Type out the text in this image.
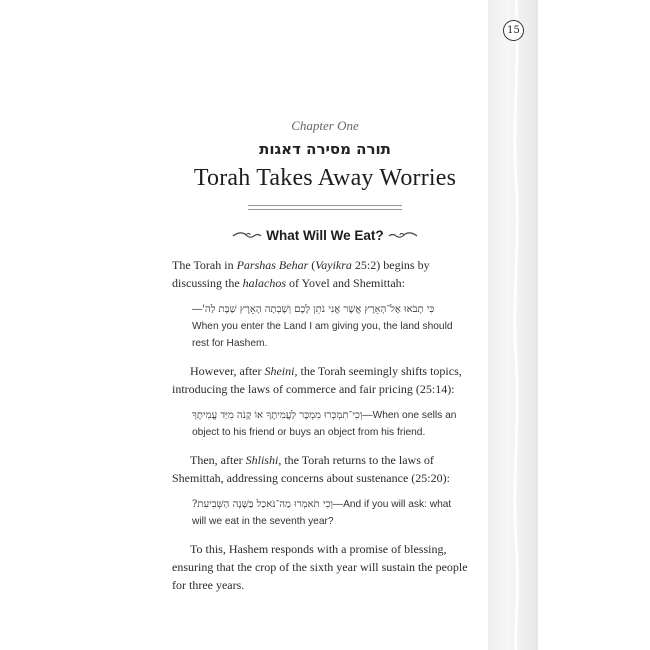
15
Chapter One
תורה מסירה דאגות
Torah Takes Away Worries
What Will We Eat?

The Torah in Parshas Behar (Vayikra 25:2) begins by discussing the halachos of Yovel and Shemittah:

כִּי תָבֹאוּ אֶל־הָאָרֶץ אֲשֶׁר אֲנִי נֹתֵן לָכֶם וְשָׁבְתָה הָאָרֶץ שַׁבָּת לַה'—
When you enter the Land I am giving you, the land should rest for Hashem.

However, after Sheini, the Torah seemingly shifts topics, introducing the laws of commerce and fair pricing (25:14):

וְכִי־תִמְכְּרוּ מִמְכָּר לַעֲמִיתֶךָ אוֹ קָנֹה מִיַּד עֲמִיתֶךָ—When one sells an object to his friend or buys an object from his friend.

Then, after Shlishi, the Torah returns to the laws of Shemittah, addressing concerns about sustenance (25:20):

וְכִי תֹאמְרוּ מַה־נֹּאכַל בַּשָּׁנָה הַשְּׁבִיעִת?—And if you will ask: what will we eat in the seventh year?

To this, Hashem responds with a promise of blessing, ensuring that the crop of the sixth year will sustain the people for three years.
